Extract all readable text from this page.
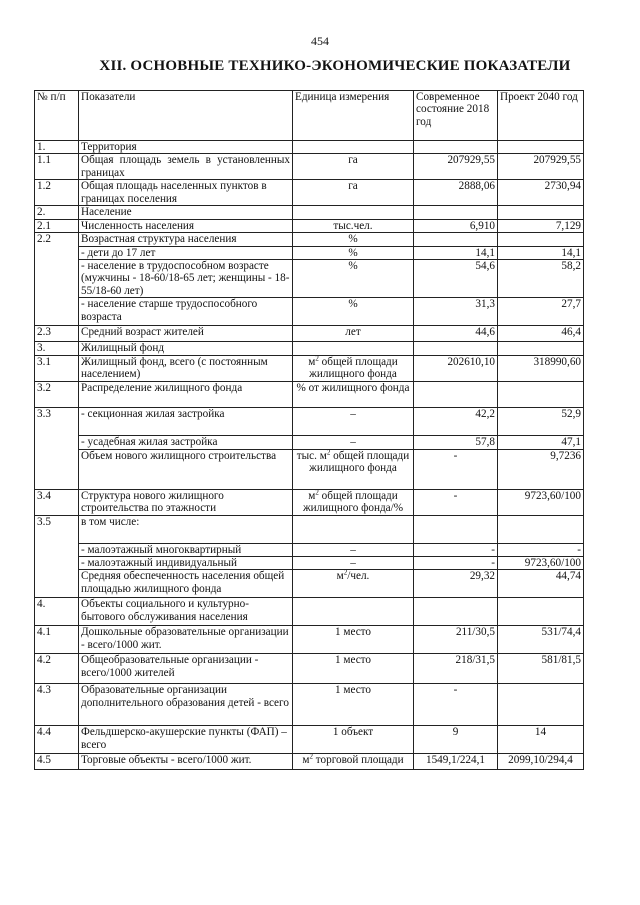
454
XII. ОСНОВНЫЕ ТЕХНИКО-ЭКОНОМИЧЕСКИЕ ПОКАЗАТЕЛИ
№ п/п	Показатели	Единица измерения	Современное состояние 2018 год	Проект 2040 год
1.	Территория			
1.1	Общая площадь земель в установленных границах	га	207929,55	207929,55
1.2	Общая площадь населенных пунктов в границах поселения	га	2888,06	2730,94
2.	Население			
2.1	Численность населения	тыс.чел.	6,910	7,129
2.2	Возрастная структура населения	%		
	- дети до 17 лет	%	14,1	14,1
	- население в трудоспособном возрасте (мужчины - 18-60/18-65 лет; женщины - 18-55/18-60 лет)	%	54,6	58,2
	- население старше трудоспособного возраста	%	31,3	27,7
2.3	Средний возраст жителей	лет	44,6	46,4
3.	Жилищный фонд			
3.1	Жилищный фонд, всего (с постоянным населением)	$м^2$ общей площади жилищного фонда	202610,10	318990,60
3.2	Распределение жилищного фонда	% от жилищного фонда		
3.3	- секционная жилая застройка	–	42,2	52,9
	- усадебная жилая застройка	–	57,8	47,1
	Объем нового жилищного строительства	тыс. $м^2$ общей площади жилищного фонда	-	9,7236
3.4	Структура нового жилищного строительства по этажности	$м^2$ общей площади жилищного фонда/%	-	9723,60/100
3.5	в том числе:			
	- малоэтажный многоквартирный	–	-	-
	- малоэтажный индивидуальный	–	-	9723,60/100
	Средняя обеспеченность населения общей площадью жилищного фонда	$м^2$/чел.	29,32	44,74
4.	Объекты социального и культурно-бытового обслуживания населения			
4.1	Дошкольные образовательные организации - всего/1000 жит.	1 место	211/30,5	531/74,4
4.2	Общеобразовательные организации - всего/1000 жителей	1 место	218/31,5	581/81,5
4.3	Образовательные организации дополнительного образования детей - всего	1 место	-	
4.4	Фельдшерско-акушерские пункты (ФАП) – всего	1 объект	9	14
4.5	Торговые объекты - всего/1000 жит.	$м^2$ торговой площади	1549,1/224,1	2099,10/294,4
